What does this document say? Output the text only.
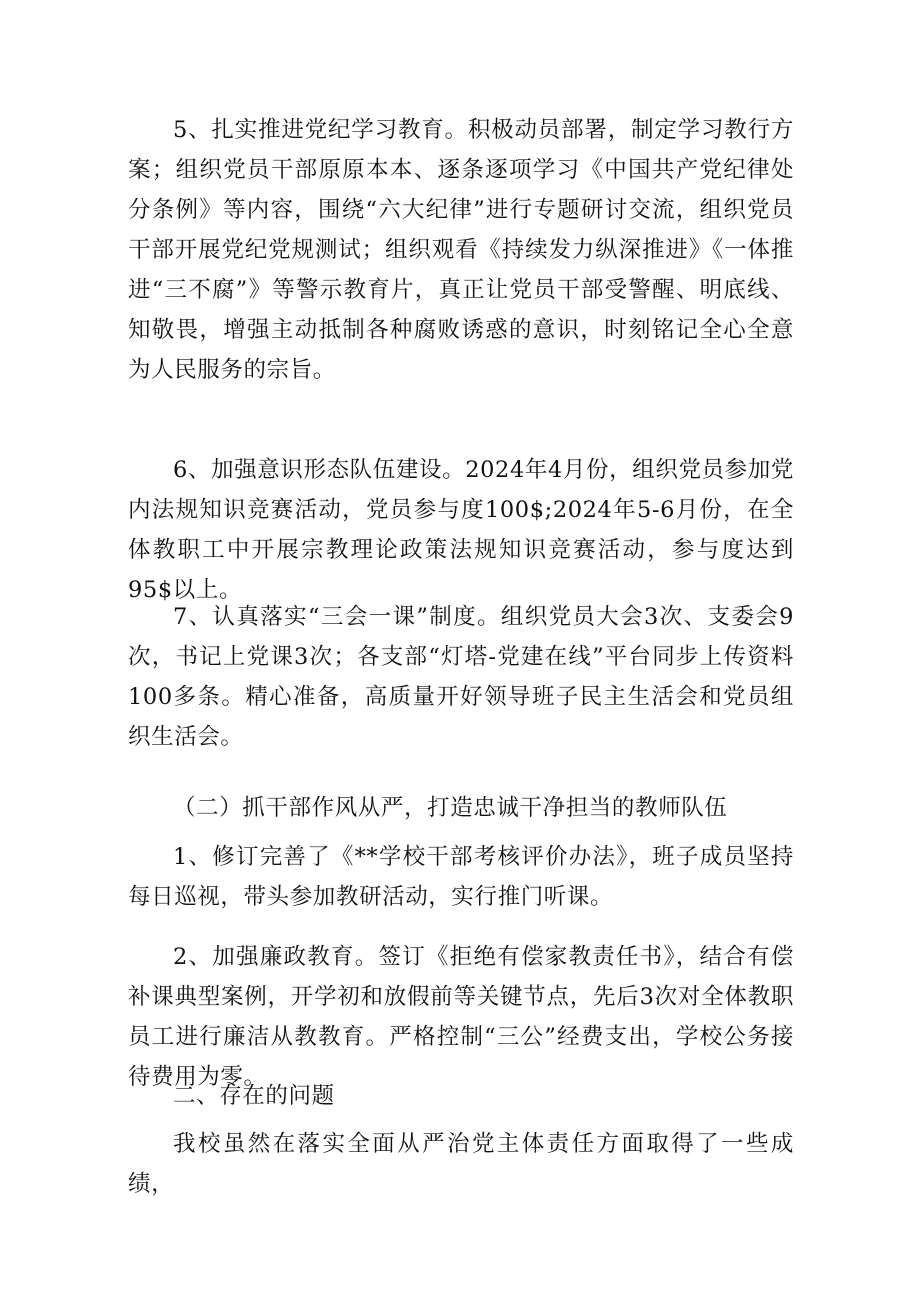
5、扎实推进党纪学习教育。积极动员部署，制定学习教行方案；组织党员干部原原本本、逐条逐项学习《中国共产党纪律处分条例》等内容，围绕“六大纪律”进行专题研讨交流，组织党员干部开展党纪党规测试；组织观看《持续发力纵深推进》《一体推进“三不腐”》等警示教育片，真正让党员干部受警醒、明底线、知敬畏，增强主动抵制各种腐败诱惑的意识，时刻铭记全心全意为人民服务的宗旨。

6、加强意识形态队伍建设。2024年4月份，组织党员参加党内法规知识竞赛活动，党员参与度100$;2024年5-6月份，在全体教职工中开展宗教理论政策法规知识竞赛活动，参与度达到95$以上。

7、认真落实“三会一课”制度。组织党员大会3次、支委会9次，书记上党课3次；各支部“灯塔-党建在线”平台同步上传资料100多条。精心准备，高质量开好领导班子民主生活会和党员组织生活会。

（二）抓干部作风从严，打造忠诚干净担当的教师队伍

1、修订完善了《**学校干部考核评价办法》，班子成员坚持每日巡视，带头参加教研活动，实行推门听课。

2、加强廉政教育。签订《拒绝有偿家教责任书》，结合有偿补课典型案例，开学初和放假前等关键节点，先后3次对全体教职员工进行廉洁从教教育。严格控制“三公”经费支出，学校公务接待费用为零。

二、存在的问题

我校虽然在落实全面从严治党主体责任方面取得了一些成绩，
